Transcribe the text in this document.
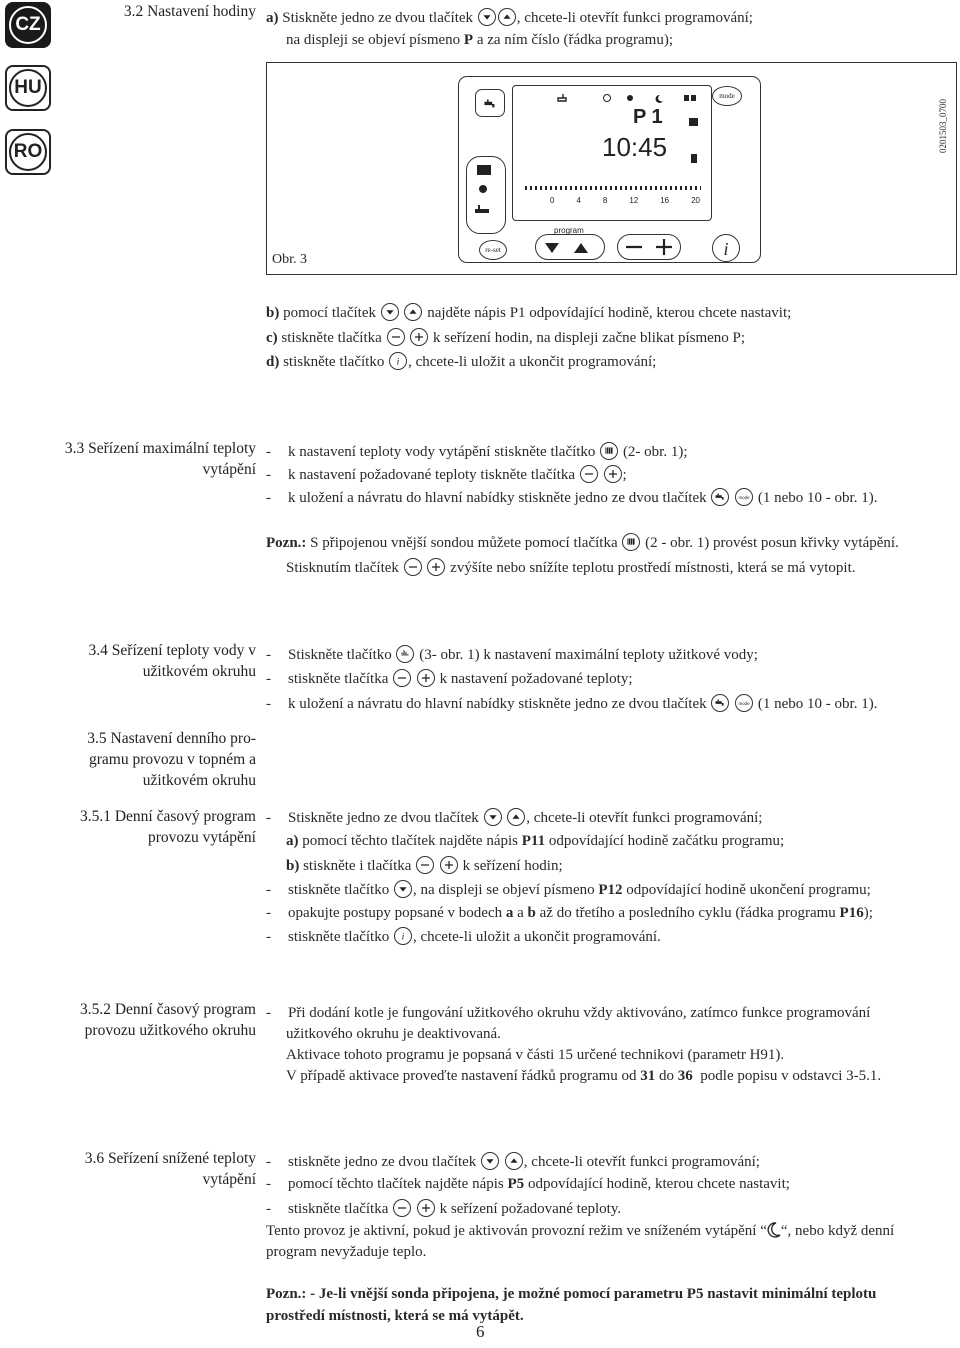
CZ
HU
RO
3.2 Nastavení hodiny a) Stiskněte jedno ze dvou tlačítek	, chcete-li otevřít funkci programování;
na displeji se objeví písmeno P a za ním číslo (řádka programu);
0201503_0700
Obr. 3
re-set
P 1
10:45
0	4	8	12	16	20
mode
program
i
b) pomocí tlačítek
	najděte nápis P1 odpovídající hodině, kterou chcete nastavit;
c) stiskněte tlačítka
	k seřízení hodin, na displeji začne blikat písmeno P;
d) stiskněte tlačítko , chcete-li uložit a ukončit programování;
3.3 Seřízení maximální teploty
vytápění
- k nastavení teploty vody vytápění stiskněte tlačítko (2- obr. 1);
- k nastavení požadované teploty tiskněte tlačítka
	;
- k uložení a návratu do hlavní nabídky stiskněte jedno ze dvou tlačítek
	(1 nebo 10 - obr. 1).
Pozn.: S připojenou vnější sondou můžete pomocí tlačítka (2 - obr. 1) provést posun křivky vytápění.
Stisknutím tlačítek
	zvýšíte nebo snížíte teplotu prostředí místnosti, která se má vytopit.
3.4 Seřízení teploty vody v
užitkovém okruhu
- Stiskněte tlačítko (3- obr. 1) k nastavení maximální teploty užitkové vody;
- stiskněte tlačítka
	k nastavení požadované teploty;
- k uložení a návratu do hlavní nabídky stiskněte jedno ze dvou tlačítek
	(1 nebo 10 - obr. 1).
3.5 Nastavení denního pro-
gramu provozu v topném a
užitkovém okruhu
3.5.1 Denní časový program
provozu vytápění
- Stiskněte jedno ze dvou tlačítek
	, chcete-li otevřít funkci programování;
a) pomocí těchto tlačítek najděte nápis P11 odpovídající hodině začátku programu;
b) stiskněte i tlačítka
	k seřízení hodin;
- stiskněte tlačítko , na displeji se objeví písmeno P12 odpovídající hodině ukončení programu;
- opakujte postupy popsané v bodech a a b až do třetího a posledního cyklu (řádka programu P16);
- stiskněte tlačítko , chcete-li uložit a ukončit programování.
3.5.2 Denní časový program
provozu užitkového okruhu
- Při dodání kotle je fungování užitkového okruhu vždy aktivováno, zatímco funkce programování
užitkového okruhu je deaktivovaná.
Aktivace tohoto programu je popsaná v části 15 určené technikovi (parametr H91).
V případě aktivace proveďte nastavení řádků programu od 31 do 36 podle popisu v odstavci 3-5.1.
3.6 Seřízení snížené teploty
vytápění
- stiskněte jedno ze dvou tlačítek
	, chcete-li otevřít funkci programování;
- pomocí těchto tlačítek najděte nápis P5 odpovídající hodině, kterou chcete nastavit;
- stiskněte tlačítka
	k seřízení požadované teploty.
Tento provoz je aktivní, pokud je aktivován provozní režim ve sníženém vytápění “ “, nebo když denní
program nevyžaduje teplo.
Pozn.: - Je-li vnější sonda připojena, je možné pomocí parametru P5 nastavit minimální teplotu
prostředí místnosti, která se má vytápět.
6
